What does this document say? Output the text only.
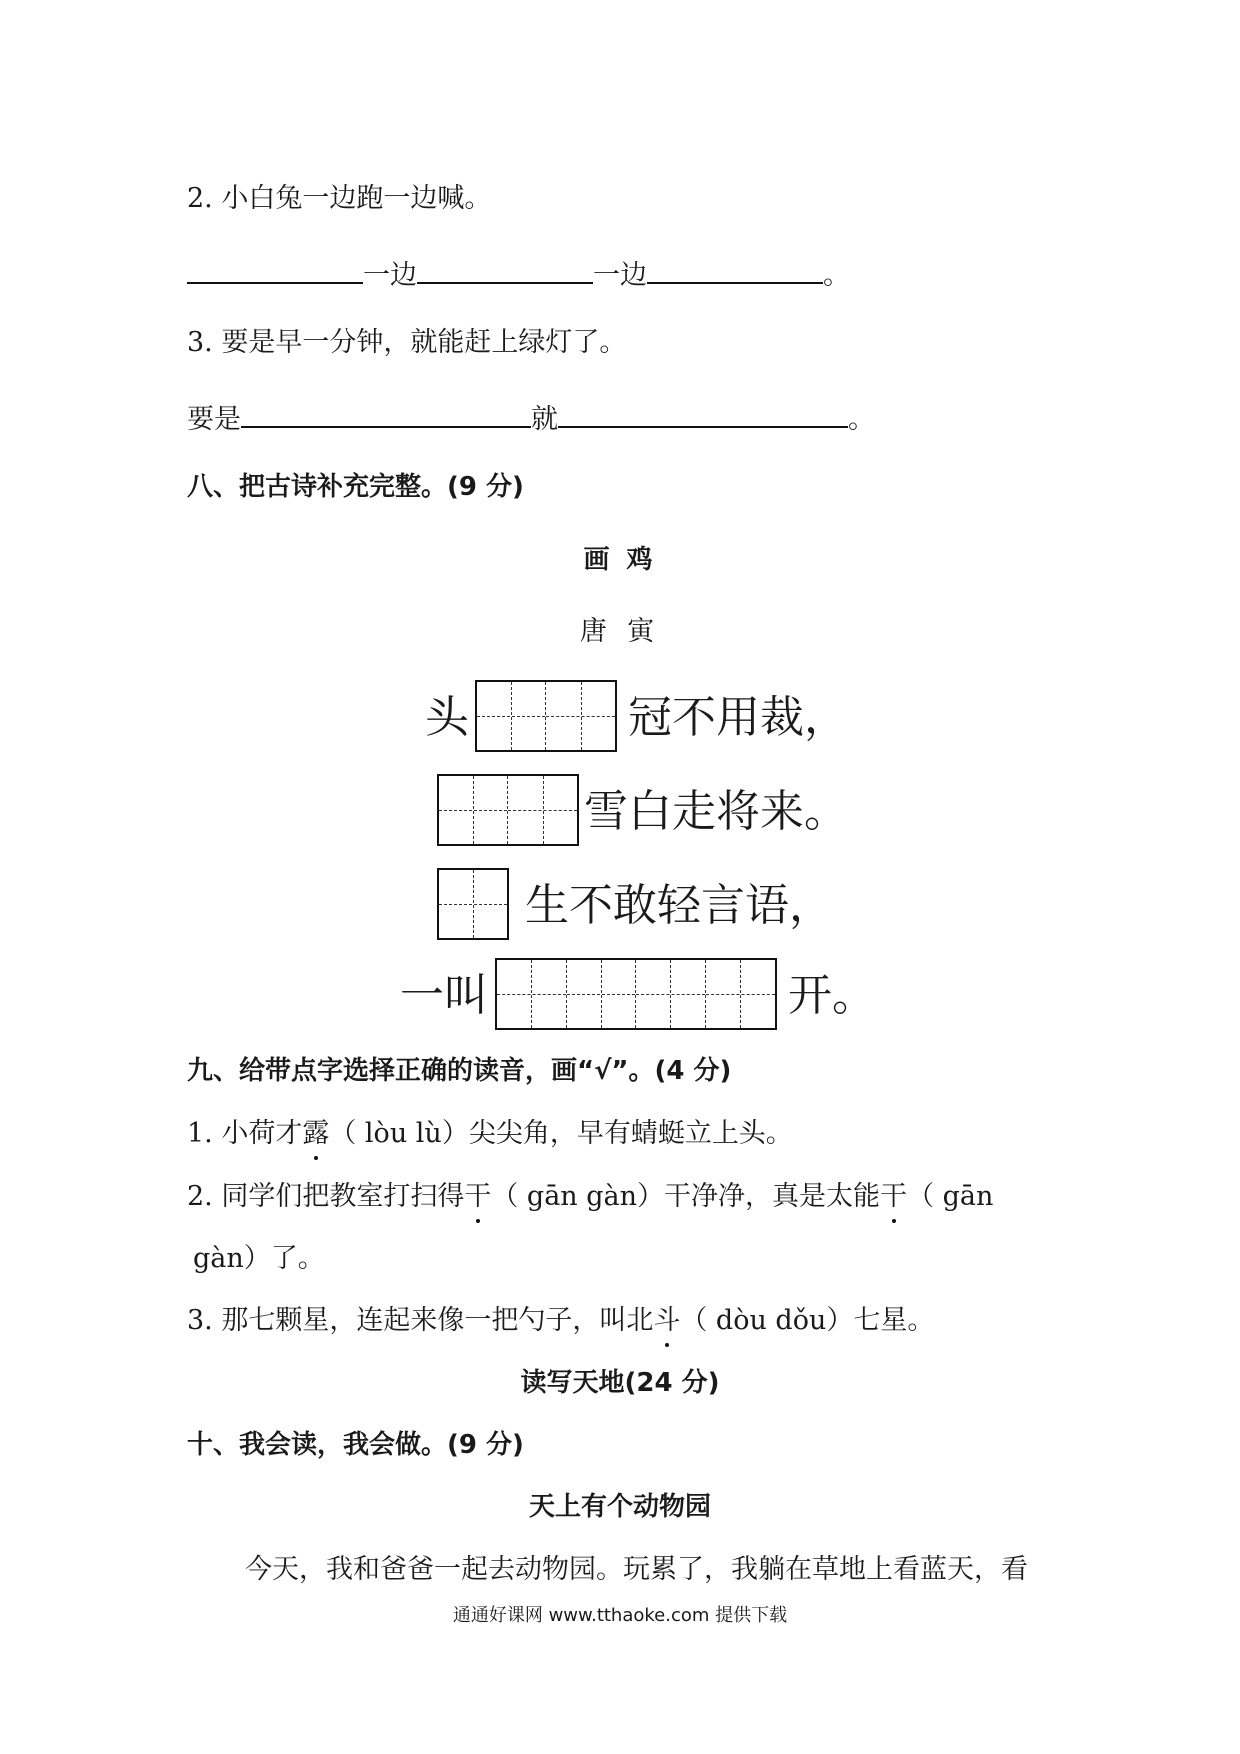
2. 小白兔一边跑一边喊。
一边	一边	。
3. 要是早一分钟，就能赶上绿灯了。
要是	就	。
八、把古诗补充完整。(9 分)
画 鸡
唐 寅
头	冠不用裁，
雪白走将来。
生不敢轻言语，
一叫	开。
九、给带点字选择正确的读音，画“√”。(4 分)
1. 小荷才露（ lòu lù）尖尖角，早有蜻蜓立上头。
2. 同学们把教室打扫得干（ gān gàn）干净净，真是太能干（ gān
gàn）了。
3. 那七颗星，连起来像一把勺子，叫北斗（ dòu dǒu）七星。
读写天地(24 分)
十、我会读，我会做。(9 分)
天上有个动物园
今天，我和爸爸一起去动物园。玩累了，我躺在草地上看蓝天，看
通通好课网 www.tthaoke.com 提供下载
